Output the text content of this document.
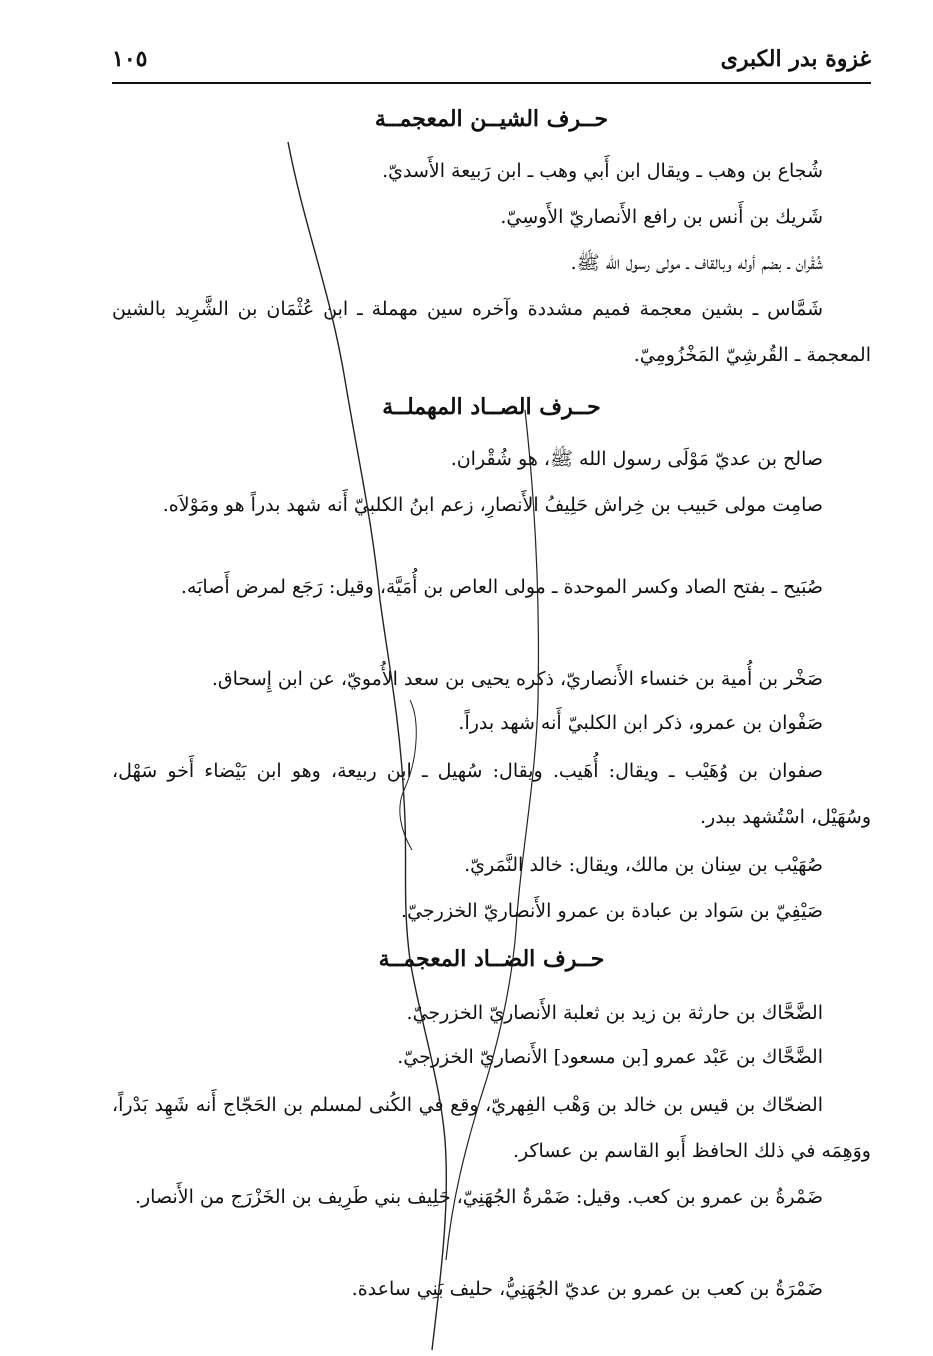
غزوة بدر الكبرى
١٠٥
حــرف الشيــن المعجمــة
شُجاع بن وهب ـ ويقال ابن أَبي وهب ـ ابن رَبيعة الأَسديّ.
شَريك بن أَنس بن رافع الأَنصاريّ الأَوسِيّ.
شُقْران ـ بضم أوله وبالقاف ـ مولى رسول الله ﷺ.
شَمَّاس ـ بشين معجمة فميم مشددة وآخره سين مهملة ـ ابن عُثْمَان بن الشَّرِيد بالشين المعجمة ـ القُرشِيّ المَخْزُومِيّ.
حــرف الصــاد المهملــة
صالح بن عديّ مَوْلَى رسول الله ﷺ، هو شُقْران.
صامِت مولى حَبيب بن خِراش حَلِيفُ الأَنصارِ، زعم ابنُ الكلبيّ أَنه شهد بدراً هو ومَوْلاَه.
صُبَيح ـ بفتح الصاد وكسر الموحدة ـ مولى العاص بن أُمَيَّة، وقيل: رَجَع لمرض أَصابَه.
صَخْر بن أُمية بن خنساء الأَنصاريّ، ذكره يحيى بن سعد الأُمويّ، عن ابن إِسحاق.
صَفْوان بن عمرو، ذكر ابن الكلبيّ أَنه شهد بدراً.
صفوان بن وُهَيْب ـ ويقال: أُهَيب. ويقال: سُهيل ـ ابن ربيعة، وهو ابن بَيْضاء أَخو سَهْل، وسُهَيْل، اسْتُشهد ببدر.
صُهَيْب بن سِنان بن مالك، ويقال: خالد النَّمَريّ.
صَيْفِيّ بن سَواد بن عبادة بن عمرو الأَنصاريّ الخزرجيّ.
حــرف الضــاد المعجمــة
الضَّحَّاك بن حارثة بن زيد بن ثعلبة الأَنصاريّ الخزرجيّ.
الضَّحَّاك بن عَبْد عمرو [بن مسعود] الأَنصاريّ الخزرجيّ.
الضحّاك بن قيس بن خالد بن وَهْب الفِهريّ، وقع في الكُنى لمسلم بن الحَجّاج أَنه شَهِد بَدْراً، ووَهِمَه في ذلك الحافظ أَبو القاسم بن عساكر.
ضَمْرةُ بن عمرو بن كعب. وقيل: ضَمْرةُ الجُهَنِيّ، حَلِيف بني طَرِيف بن الخَزْرَج من الأَنصار.
ضَمْرَةُ بن كعب بن عمرو بن عديّ الجُهَنِيُّ، حليف بَنِي ساعدة.
